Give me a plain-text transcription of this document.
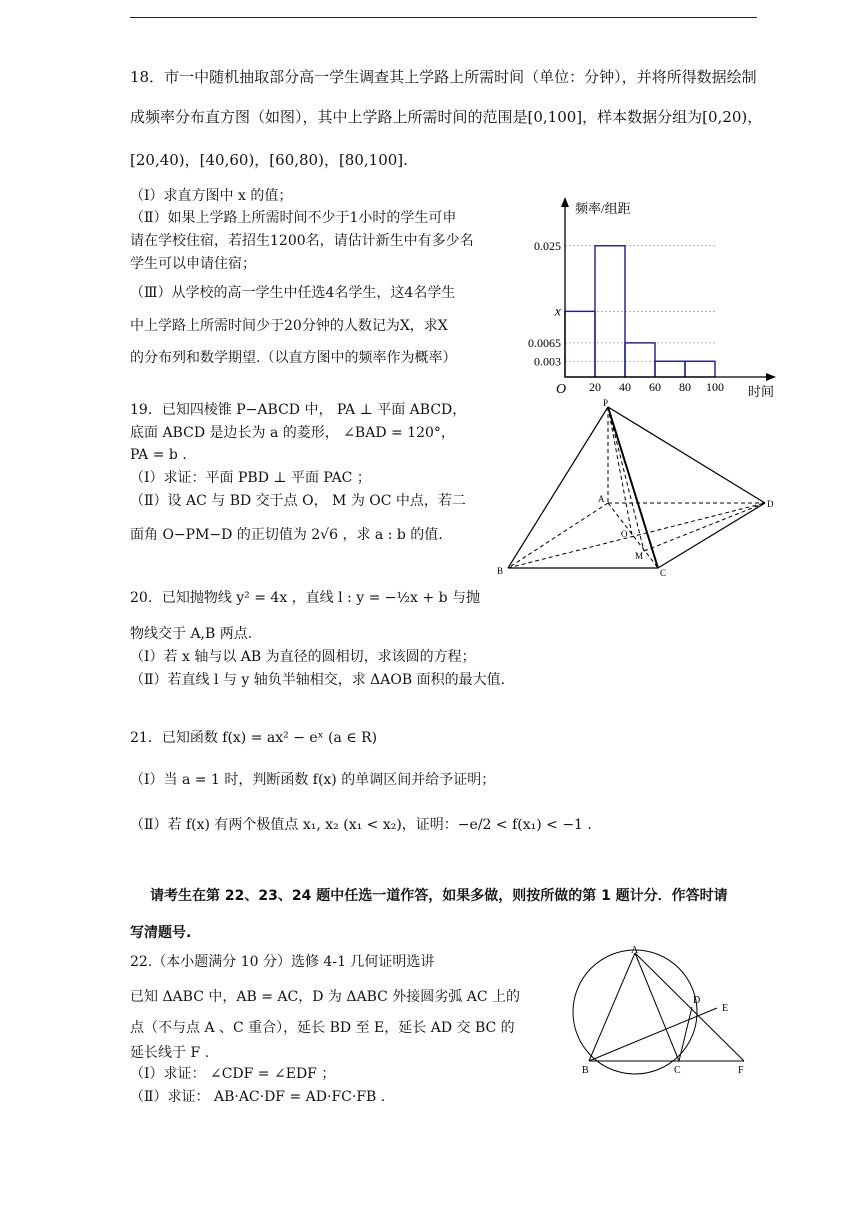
18．市一中随机抽取部分高一学生调查其上学路上所需时间（单位：分钟），并将所得数据绘制
成频率分布直方图（如图），其中上学路上所需时间的范围是[0,100]，样本数据分组为[0,20)，
[20,40)，[40,60)，[60,80)，[80,100].
（Ⅰ）求直方图中 x 的值；
（Ⅱ）如果上学路上所需时间不少于1小时的学生可申
请在学校住宿，若招生1200名，请估计新生中有多少名
学生可以申请住宿；
（Ⅲ）从学校的高一学生中任选4名学生，这4名学生
中上学路上所需时间少于20分钟的人数记为X，求X
的分布列和数学期望.（以直方图中的频率作为概率）
频率/组距
时间
O 20 40 60 80 100
0.025
x
0.0065
0.003
19．已知四棱锥 P−ABCD 中， PA ⊥ 平面 ABCD，
底面 ABCD 是边长为 a 的菱形， ∠BAD = 120°，
PA = b .
（Ⅰ）求证：平面 PBD ⊥ 平面 PAC ；
（Ⅱ）设 AC 与 BD 交于点 O， M 为 OC 中点，若二
面角 O−PM−D 的正切值为 2√6 ，求 a : b 的值.
P
A
B	C
D
O
M
20．已知抛物线 y² = 4x ，直线 l : y = −½x + b 与抛
物线交于 A,B 两点.
（Ⅰ）若 x 轴与以 AB 为直径的圆相切，求该圆的方程；
（Ⅱ）若直线 l 与 y 轴负半轴相交，求 ΔAOB 面积的最大值.
21．已知函数 f(x) = ax² − eˣ (a ∈ R)
（Ⅰ）当 a = 1 时，判断函数 f(x) 的单调区间并给予证明；
（Ⅱ）若 f(x) 有两个极值点 x₁, x₂ (x₁ < x₂)，证明：−e/2 < f(x₁) < −1 .
请考生在第 22、23、24 题中任选一道作答，如果多做，则按所做的第 1 题计分．作答时请
写清题号.
22.（本小题满分 10 分）选修 4-1 几何证明选讲
已知 ΔABC 中，AB = AC，D 为 ΔABC 外接圆劣弧 AC 上的
点（不与点 A 、C 重合），延长 BD 至 E，延长 AD 交 BC 的
延长线于 F .
（Ⅰ）求证： ∠CDF = ∠EDF ；
（Ⅱ）求证： AB·AC·DF = AD·FC·FB .
A
B	C
D
E
F
